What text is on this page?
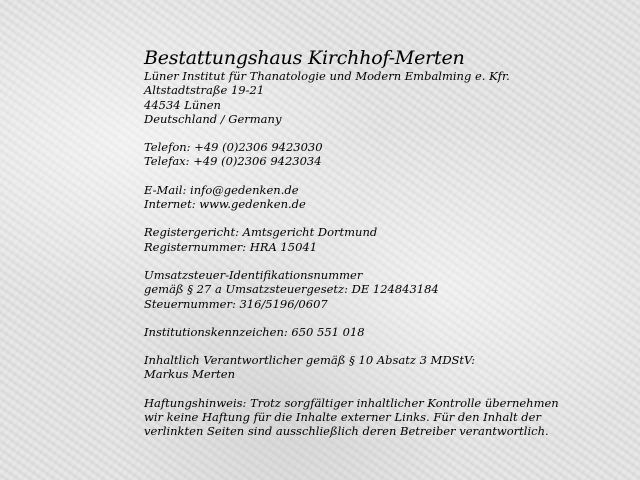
Bestattungshaus Kirchhof-Merten
Lüner Institut für Thanatologie und Modern Embalming e. Kfr.
Altstadtstraße 19-21
44534 Lünen
Deutschland / Germany
Telefon: +49 (0)2306 9423030
Telefax: +49 (0)2306 9423034
E-Mail: info@gedenken.de
Internet: www.gedenken.de
Registergericht: Amtsgericht Dortmund
Registernummer: HRA 15041
Umsatzsteuer-Identifikationsnummer
gemäß § 27 a Umsatzsteuergesetz: DE 124843184
Steuernummer: 316/5196/0607
Institutionskennzeichen: 650 551 018
Inhaltlich Verantwortlicher gemäß § 10 Absatz 3 MDStV:
Markus Merten
Haftungshinweis: Trotz sorgfältiger inhaltlicher Kontrolle übernehmen
wir keine Haftung für die Inhalte externer Links. Für den Inhalt der
verlinkten Seiten sind ausschließlich deren Betreiber verantwortlich.
